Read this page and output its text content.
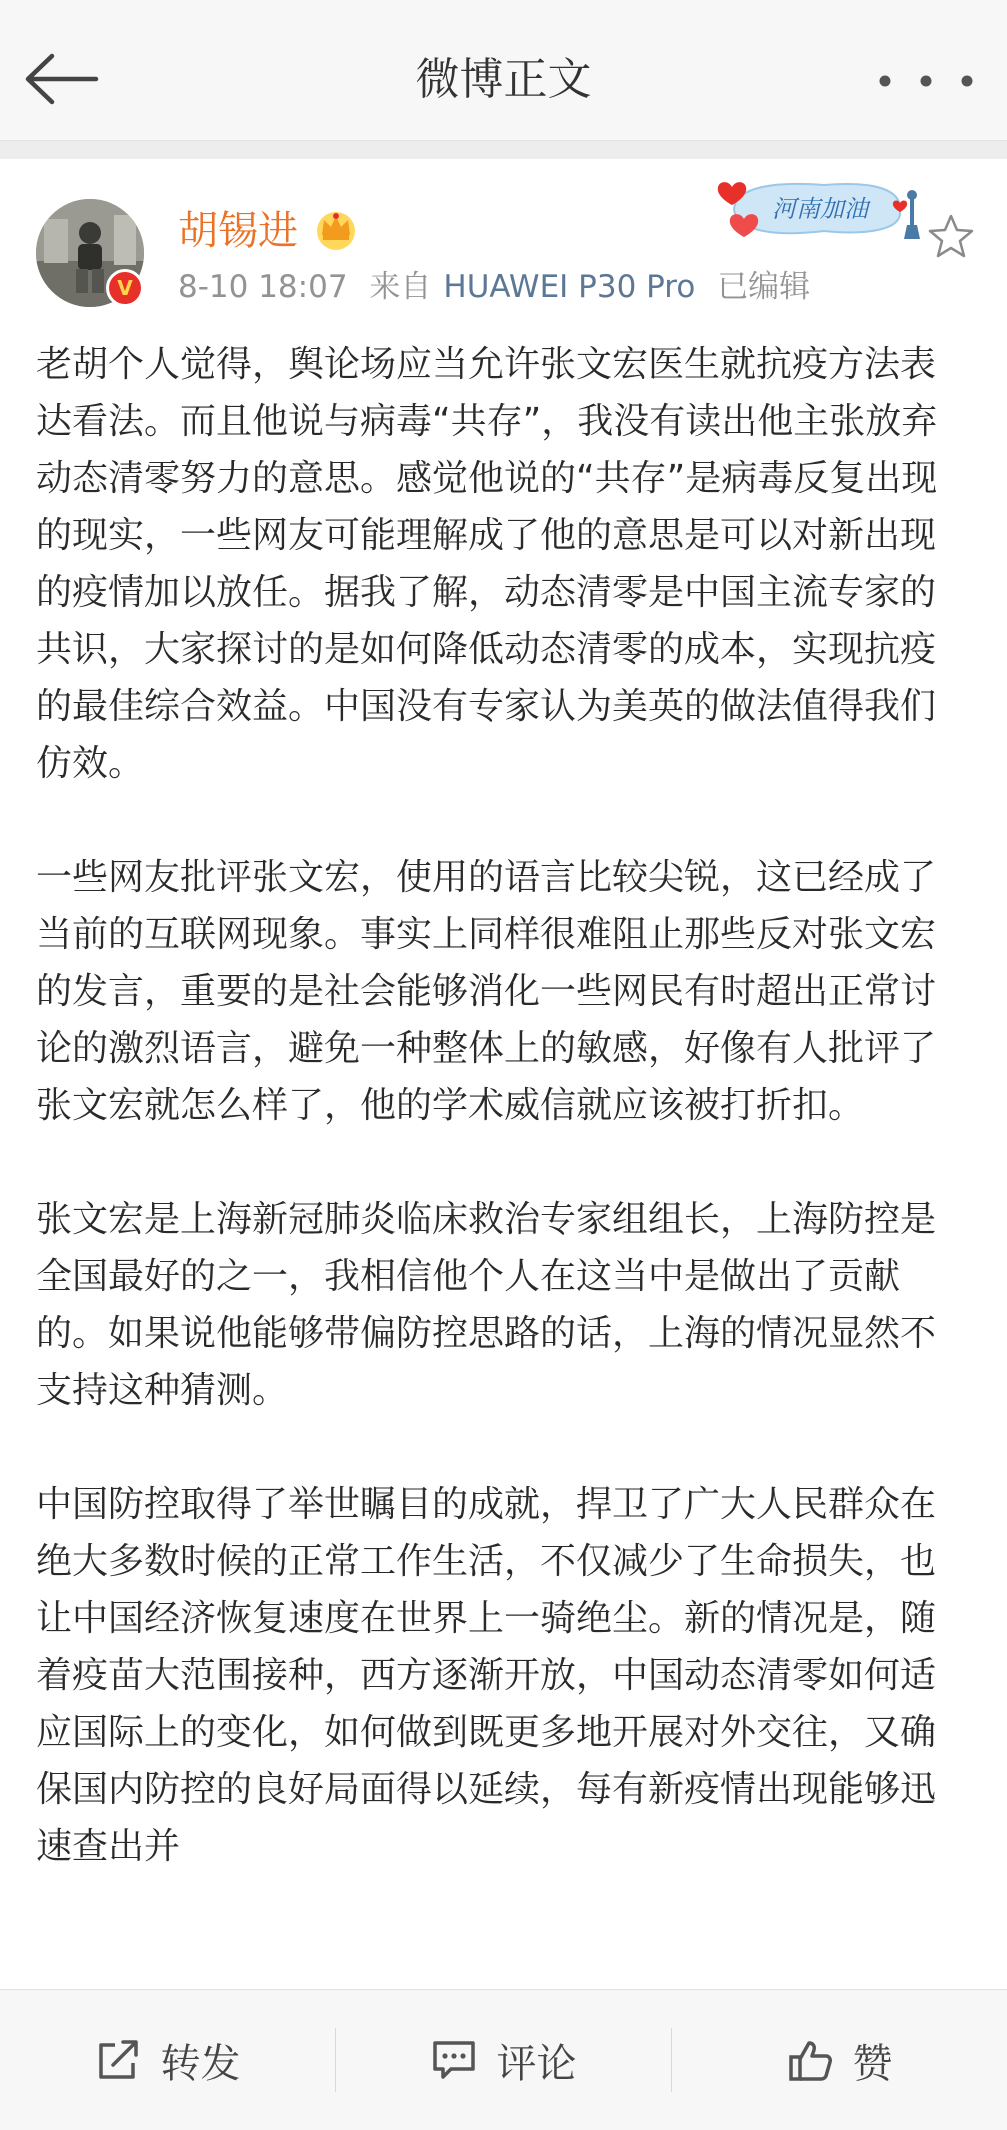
微博正文
V
胡锡进
8-10 18:07 来自 HUAWEI P30 Pro 已编辑
河南加油

老胡个人觉得，舆论场应当允许张文宏医生就抗疫方法表达看法。而且他说与病毒“共存”，我没有读出他主张放弃动态清零努力的意思。感觉他说的“共存”是病毒反复出现的现实，一些网友可能理解成了他的意思是可以对新出现的疫情加以放任。据我了解，动态清零是中国主流专家的共识，大家探讨的是如何降低动态清零的成本，实现抗疫的最佳综合效益。中国没有专家认为美英的做法值得我们仿效。

一些网友批评张文宏，使用的语言比较尖锐，这已经成了当前的互联网现象。事实上同样很难阻止那些反对张文宏的发言，重要的是社会能够消化一些网民有时超出正常讨论的激烈语言，避免一种整体上的敏感，好像有人批评了张文宏就怎么样了，他的学术威信就应该被打折扣。

张文宏是上海新冠肺炎临床救治专家组组长，上海防控是全国最好的之一，我相信他个人在这当中是做出了贡献的。如果说他能够带偏防控思路的话，上海的情况显然不支持这种猜测。

中国防控取得了举世瞩目的成就，捍卫了广大人民群众在绝大多数时候的正常工作生活，不仅减少了生命损失，也让中国经济恢复速度在世界上一骑绝尘。新的情况是，随着疫苗大范围接种，西方逐渐开放，中国动态清零如何适应国际上的变化，如何做到既更多地开展对外交往，又确保国内防控的良好局面得以延续，每有新疫情出现能够迅速查出并

转发	评论	赞
